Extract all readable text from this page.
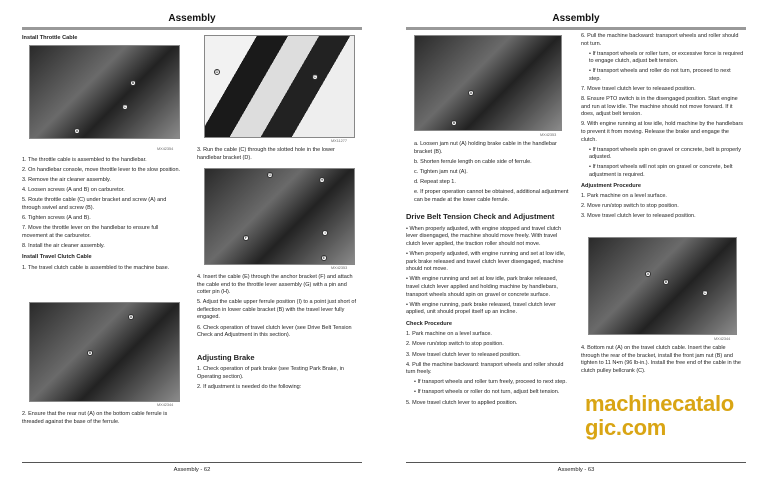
Assembly
Install Throttle Cable
B
C
A
MX42354

1. The throttle cable is assembled to the handlebar.

2. On handlebar console, move throttle lever to the slow position.

3. Remove the air cleaner assembly.

4. Loosen screws (A and B) on carburetor.

5. Route throttle cable (C) under bracket and screw (A) and through swivel and screw (B).

6. Tighten screws (A and B).

7. Move the throttle lever on the handlebar to ensure full movement at the carburetor.

8. Install the air cleaner assembly.

Install Travel Clutch Cable

1. The travel clutch cable is assembled to the machine base.

A
B
MX42344

2. Ensure that the rear nut (A) on the bottom cable ferrule is threaded against the base of the ferrule.

D
C
MX11277

3. Run the cable (C) through the slotted hole in the lower handlebar bracket (D).

G
H
F
I
E
MX42353

4. Insert the cable (E) through the anchor bracket (F) and attach the cable end to the throttle lever assembly (G) with a pin and cotter pin (H).

5. Adjust the cable upper ferrule position (I) to a point just short of deflection in lower cable bracket (B) with the travel lever fully engaged.

6. Check operation of travel clutch lever (see Drive Belt Tension Check and Adjustment in this section).

Adjusting Brake

1. Check operation of park brake (see Testing Park Brake, in Operating section).

2. If adjustment is needed do the following:

Assembly - 62
Assembly
A
B
MX42353

a. Loosen jam nut (A) holding brake cable in the handlebar bracket (B).

b. Shorten ferrule length on cable side of ferrule.

c. Tighten jam nut (A).

d. Repeat step 1.

e. If proper operation cannot be obtained, additional adjustment can be made at the lower cable ferrule.

Drive Belt Tension Check and Adjustment

• When properly adjusted, with engine stopped and travel clutch lever disengaged, the machine should move freely. With travel clutch lever applied, the traction roller should not move.

• When properly adjusted, with engine running and set at low idle, park brake released and travel clutch lever disengaged, machine should not move.

• With engine running and set at low idle, park brake released, travel clutch lever applied and holding machine by handlebars, transport wheels should spin on gravel or concrete surface.

• With engine running, park brake released, travel clutch lever applied, unit should propel itself up an incline.

Check Procedure

1. Park machine on a level surface.

2. Move run/stop switch to stop position.

3. Move travel clutch lever to released position.

4. Pull the machine backward: transport wheels and roller should turn freely.

• If transport wheels and roller turn freely, proceed to next step.

• If transport wheels or roller do not turn, adjust belt tension.

5. Move travel clutch lever to applied position.

6. Pull the machine backward: transport wheels and roller should not turn.

• If transport wheels or roller turn, or excessive force is required to engage clutch, adjust belt tension.

• If transport wheels and roller do not turn, proceed to next step.

7. Move travel clutch lever to released position.

8. Ensure PTO switch is in the disengaged position. Start engine and run at low idle. The machine should not move forward. If it does, adjust belt tension.

9. With engine running at low idle, hold machine by the handlebars to prevent it from moving. Release the brake and engage the clutch.

• If transport wheels spin on gravel or concrete, belt is properly adjusted.

• If transport wheels will not spin on gravel or concrete, belt adjustment is required.

Adjustment Procedure

1. Park machine on a level surface.

2. Move run/stop switch to stop position.

3. Move travel clutch lever to released position.

A
B
C
MX42344

4. Bottom nut (A) on the travel clutch cable. Insert the cable through the rear of the bracket, install the front jam nut (B) and tighten to 11 N•m (96 lb-in.). Install the free end of the cable in the clutch pulley bellcrank (C).

Assembly - 63
machinecatalogic.com
